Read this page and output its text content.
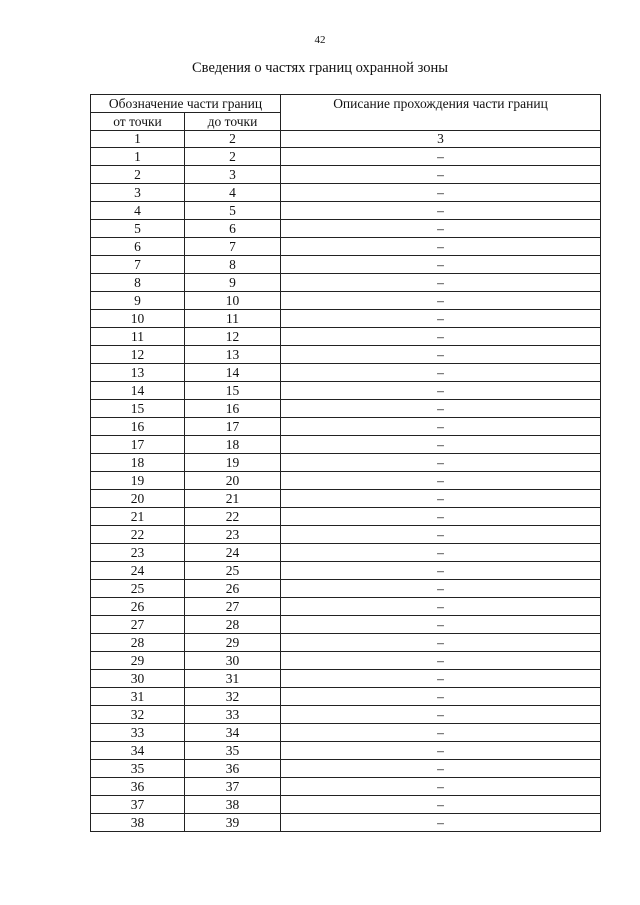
42
Сведения о частях границ охранной зоны
Обозначение части границ		Описание прохождения части границ
от точки	до точки	
1	2	3
1	2	–
2	3	–
3	4	–
4	5	–
5	6	–
6	7	–
7	8	–
8	9	–
9	10	–
10	11	–
11	12	–
12	13	–
13	14	–
14	15	–
15	16	–
16	17	–
17	18	–
18	19	–
19	20	–
20	21	–
21	22	–
22	23	–
23	24	–
24	25	–
25	26	–
26	27	–
27	28	–
28	29	–
29	30	–
30	31	–
31	32	–
32	33	–
33	34	–
34	35	–
35	36	–
36	37	–
37	38	–
38	39	–
